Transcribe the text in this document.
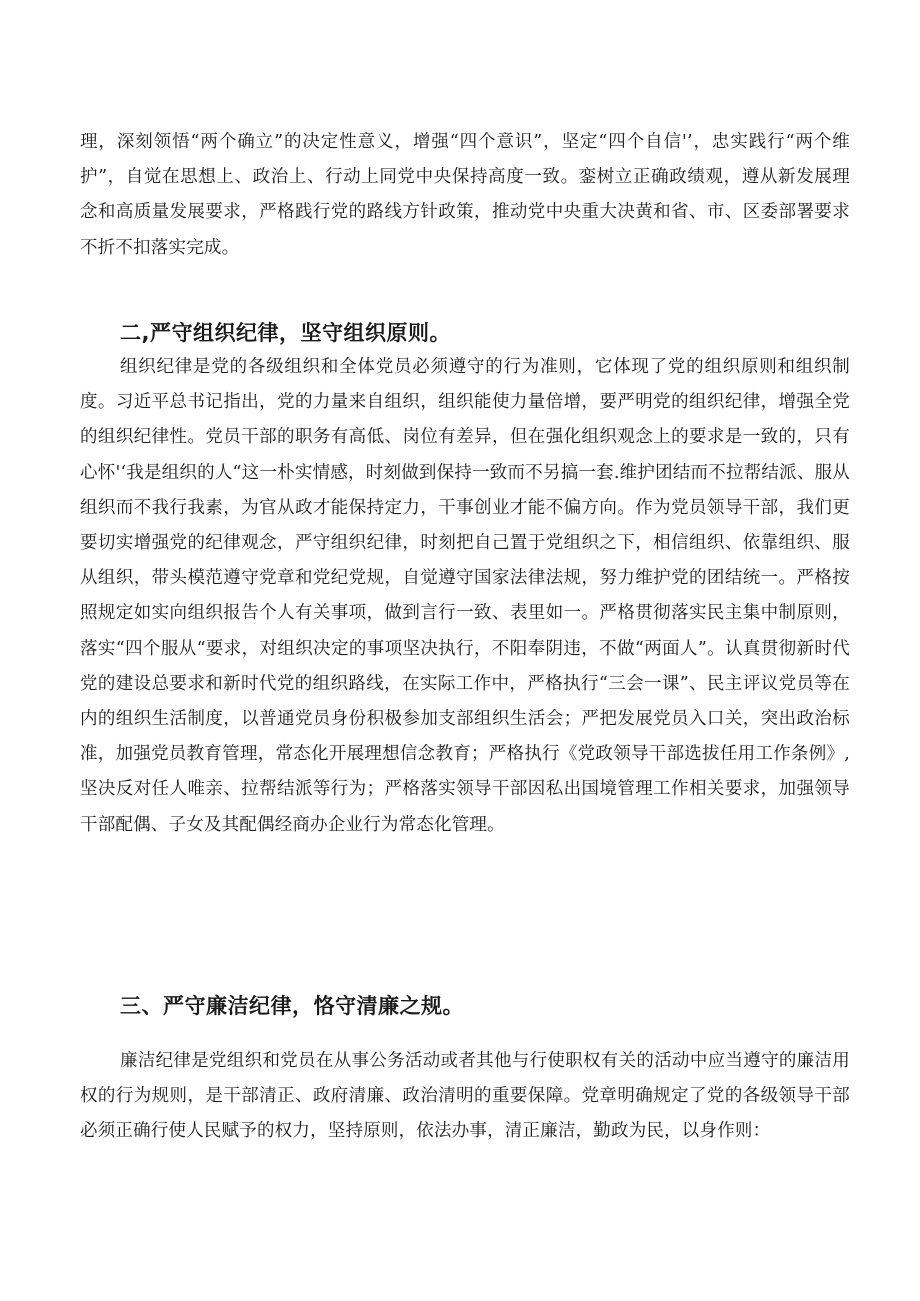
理，深刻领悟“两个确立”的决定性意义，增强“四个意识”，坚定“四个自信'’，忠实践行“两个维护”，自觉在思想上、政治上、行动上同党中央保持高度一致。銮树立正确政绩观，遵从新发展理念和高质量发展要求，严格践行党的路线方针政策，推动党中央重大决黄和省、市、区委部署要求不折不扣落实完成。

二,严守组织纪律，坚守组织原则。

组织纪律是党的各级组织和全体党员必须遵守的行为准则，它体现了党的组织原则和组织制度。习近平总书记指出，党的力量来自组织，组织能使力量倍增，要严明党的组织纪律，增强全党的组织纪律性。党员干部的职务有高低、岗位有差异，但在强化组织观念上的要求是一致的，只有心怀'‘我是组织的人“这一朴实情感，时刻做到保持一致而不另搞一套.维护团结而不拉帮结派、服从组织而不我行我素，为官从政才能保持定力，干事创业才能不偏方向。作为党员领导干部，我们更要切实增强党的纪律观念，严守组织纪律，时刻把自己置于党组织之下，相信组织、依靠组织、服从组织，带头模范遵守党章和党纪党规，自觉遵守国家法律法规，努力维护党的团结统一。严格按照规定如实向组织报告个人有关事项，做到言行一致、表里如一。严格贯彻落实民主集中制原则，落实“四个服从“要求，对组织决定的事项坚决执行，不阳奉阴违，不做“两面人”。认真贯彻新时代党的建设总要求和新时代党的组织路线，在实际工作中，严格执行“三会一课”、民主评议党员等在内的组织生活制度，以普通党员身份积极参加支部组织生活会；严把发展党员入口关，突出政治标准，加强党员教育管理，常态化开展理想信念教育；严格执行《党政领导干部选拔任用工作条例》,坚决反对任人唯亲、拉帮结派等行为；严格落实领导干部因私出国境管理工作相关要求，加强领导干部配偶、子女及其配偶经商办企业行为常态化管理。

三、严守廉洁纪律，恪守清廉之规。

廉洁纪律是党组织和党员在从事公务活动或者其他与行使职权有关的活动中应当遵守的廉洁用权的行为规则，是干部清正、政府清廉、政治清明的重要保障。党章明确规定了党的各级领导干部必须正确行使人民赋予的权力，坚持原则，依法办事，清正廉洁，勤政为民，以身作则：
